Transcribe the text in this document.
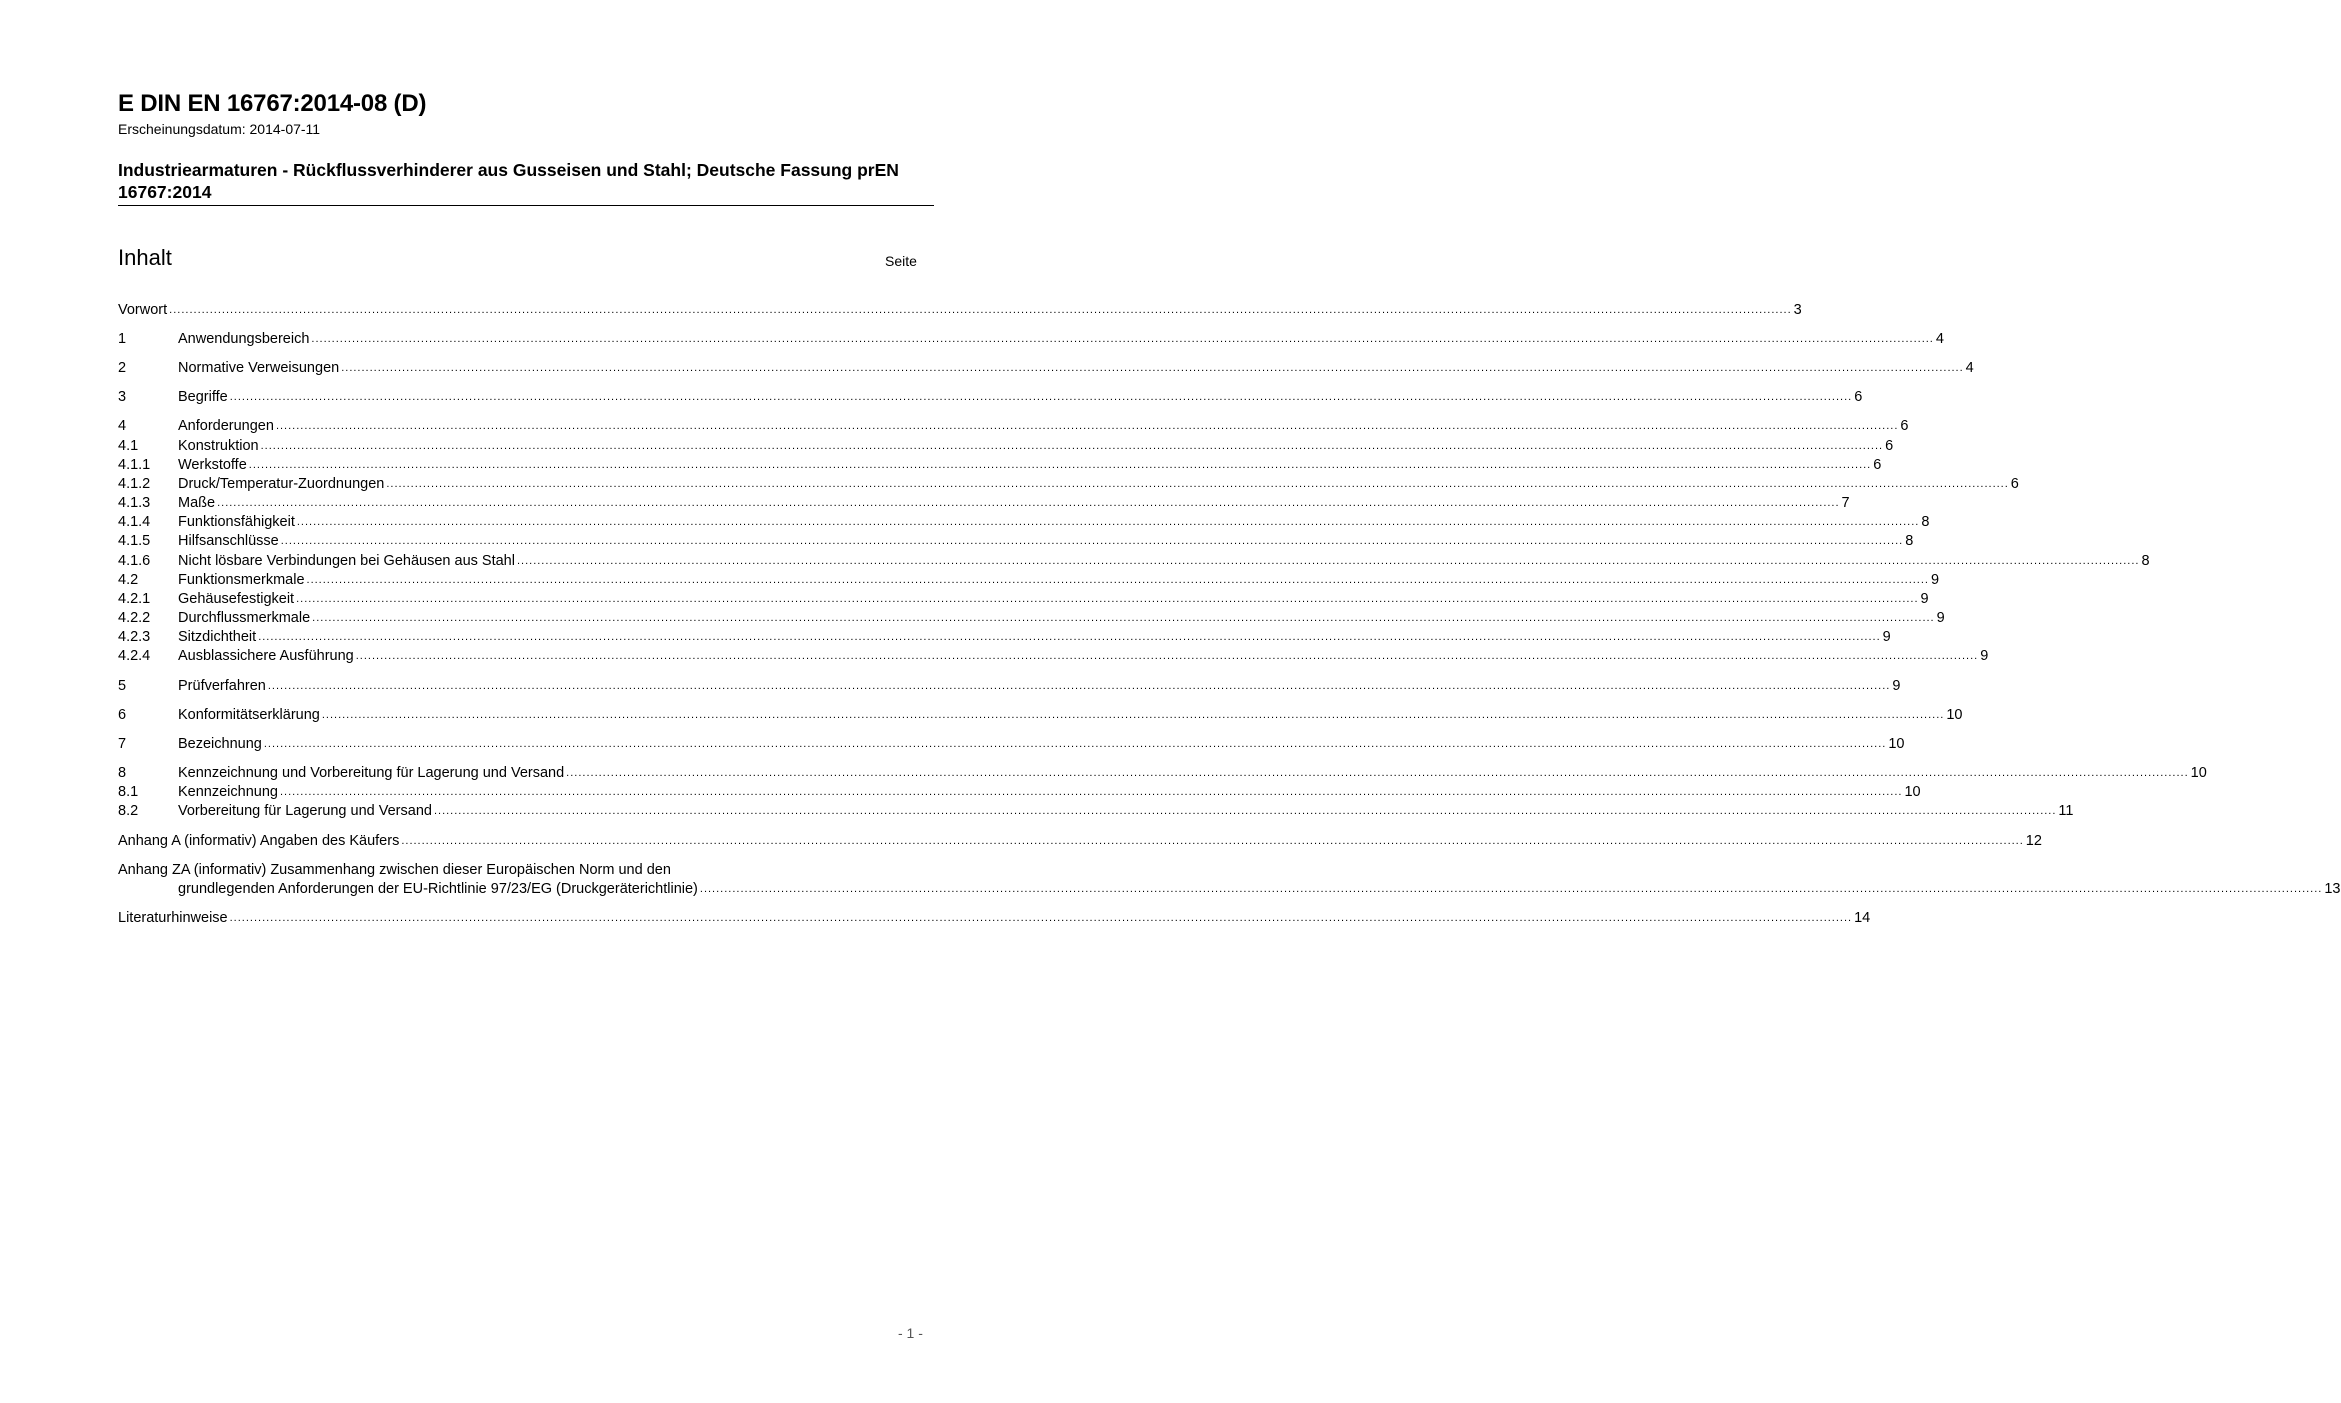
E DIN EN 16767:2014-08 (D)
Erscheinungsdatum: 2014-07-11
Industriearmaturen - Rückflussverhinderer aus Gusseisen und Stahl; Deutsche Fassung prEN 16767:2014
Inhalt	Seite
Vorwort ................................................................................................................................................................................................................................................................................................................................................................................................................ 3
1	Anwendungsbereich ................................................................................................................................................................................................................................................................................................................................................................................................................ 4
2	Normative Verweisungen ................................................................................................................................................................................................................................................................................................................................................................................................................ 4
3	Begriffe ................................................................................................................................................................................................................................................................................................................................................................................................................ 6
4	Anforderungen ................................................................................................................................................................................................................................................................................................................................................................................................................ 6
4.1	Konstruktion ................................................................................................................................................................................................................................................................................................................................................................................................................ 6
4.1.1	Werkstoffe ................................................................................................................................................................................................................................................................................................................................................................................................................ 6
4.1.2	Druck/Temperatur-Zuordnungen ................................................................................................................................................................................................................................................................................................................................................................................................................ 6
4.1.3	Maße ................................................................................................................................................................................................................................................................................................................................................................................................................ 7
4.1.4	Funktionsfähigkeit ................................................................................................................................................................................................................................................................................................................................................................................................................ 8
4.1.5	Hilfsanschlüsse ................................................................................................................................................................................................................................................................................................................................................................................................................ 8
4.1.6	Nicht lösbare Verbindungen bei Gehäusen aus Stahl ................................................................................................................................................................................................................................................................................................................................................................................................................ 8
4.2	Funktionsmerkmale ................................................................................................................................................................................................................................................................................................................................................................................................................ 9
4.2.1	Gehäusefestigkeit ................................................................................................................................................................................................................................................................................................................................................................................................................ 9
4.2.2	Durchflussmerkmale ................................................................................................................................................................................................................................................................................................................................................................................................................ 9
4.2.3	Sitzdichtheit ................................................................................................................................................................................................................................................................................................................................................................................................................ 9
4.2.4	Ausblassichere Ausführung ................................................................................................................................................................................................................................................................................................................................................................................................................ 9
5	Prüfverfahren ................................................................................................................................................................................................................................................................................................................................................................................................................ 9
6	Konformitätserklärung ................................................................................................................................................................................................................................................................................................................................................................................................................ 10
7	Bezeichnung ................................................................................................................................................................................................................................................................................................................................................................................................................ 10
8	Kennzeichnung und Vorbereitung für Lagerung und Versand ................................................................................................................................................................................................................................................................................................................................................................................................................ 10
8.1	Kennzeichnung ................................................................................................................................................................................................................................................................................................................................................................................................................ 10
8.2	Vorbereitung für Lagerung und Versand ................................................................................................................................................................................................................................................................................................................................................................................................................ 11
Anhang A (informativ) Angaben des Käufers ................................................................................................................................................................................................................................................................................................................................................................................................................ 12
Anhang ZA (informativ) Zusammenhang zwischen dieser Europäischen Norm und den
grundlegenden Anforderungen der EU-Richtlinie 97/23/EG (Druckgeräterichtlinie) ................................................................................................................................................................................................................................................................................................................................................................................................................ 13
Literaturhinweise ................................................................................................................................................................................................................................................................................................................................................................................................................ 14
- 1 -
